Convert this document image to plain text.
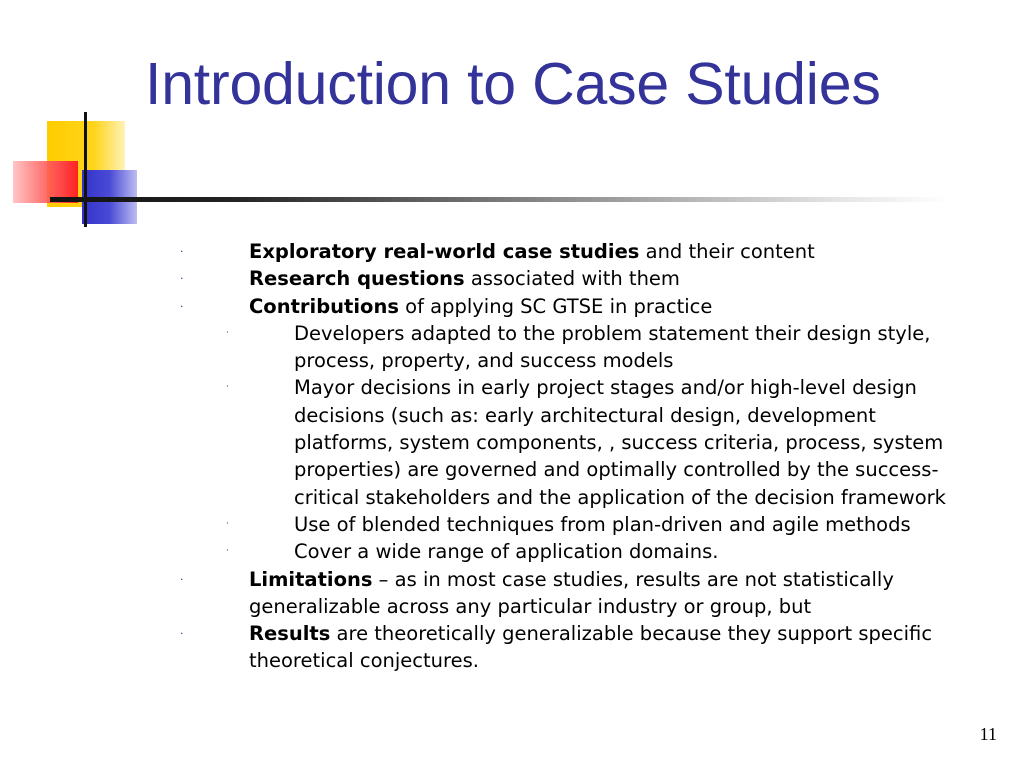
Introduction to Case Studies
·	Exploratory real-world case studies and their content
·	Research questions associated with them
·	Contributions of applying SC GTSE in practice
·	Developers adapted to the problem statement their design style, process, property, and success models
·	Mayor decisions in early project stages and/or high-level design decisions (such as: early architectural design, development platforms, system components, , success criteria, process, system properties) are governed and optimally controlled by the success-critical stakeholders and the application of the decision framework
·	Use of blended techniques from plan-driven and agile methods
·	Cover a wide range of application domains.
·	Limitations – as in most case studies, results are not statistically generalizable across any particular industry or group, but
·	Results are theoretically generalizable because they support specific theoretical conjectures.
11
